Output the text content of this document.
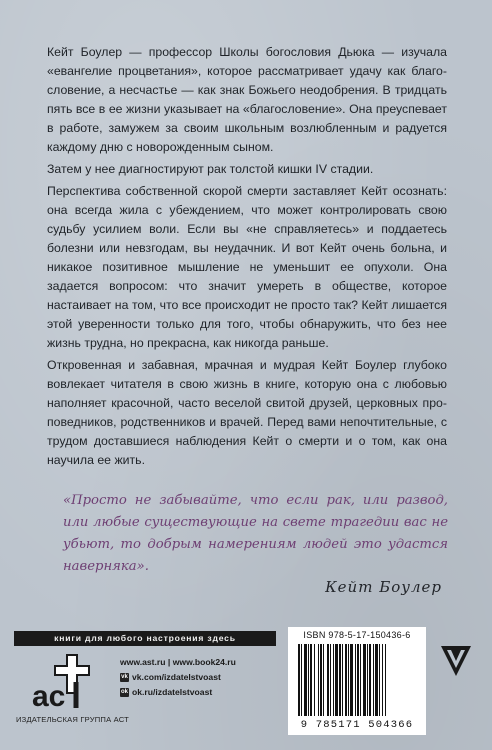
Кейт Боулер — профессор Школы богословия Дьюка — изучала «евангелие процветания», которое рассматривает удачу как благословение, а несчастье — как знак Божьего неодобрения. В тридцать пять все в ее жизни указывает на «благословение». Она преуспевает в работе, замужем за своим школьным возлюбленным и радуется каждому дню с новорожденным сыном.

Затем у нее диагностируют рак толстой кишки IV стадии.

Перспектива собственной скорой смерти заставляет Кейт осознать: она всегда жила с убеждением, что может контролировать свою судьбу усилием воли. Если вы «не справляетесь» и поддаетесь болезни или невзгодам, вы неудачник. И вот Кейт очень больна, и никакое позитивное мышление не уменьшит ее опухоли. Она задается вопросом: что значит умереть в обществе, которое настаивает на том, что все происходит не просто так? Кейт лишается этой уверенности только для того, чтобы обнаружить, что без нее жизнь трудна, но прекрасна, как никогда раньше.

Откровенная и забавная, мрачная и мудрая Кейт Боулер глубоко вовлекает читателя в свою жизнь в книге, которую она с любовью наполняет красочной, часто веселой свитой друзей, церковных проповедников, родственников и врачей. Перед вами непочтительные, с трудом доставшиеся наблюдения Кейт о смерти и о том, как она научила ее жить.

«Просто не забывайте, что если рак, или развод, или любые существующие на свете трагедии вас не убьют, то добрым намерениям людей это удастся наверняка».
Кейт Боулер
книги для любого настроения здесь
ac
ИЗДАТЕЛЬСКАЯ ГРУППА АСТ
www.ast.ru | www.book24.ru
vk vk.com/izdatelstvoast
ok ok.ru/izdatelstvoast
ISBN 978-5-17-150436-6
9 785171 504366
